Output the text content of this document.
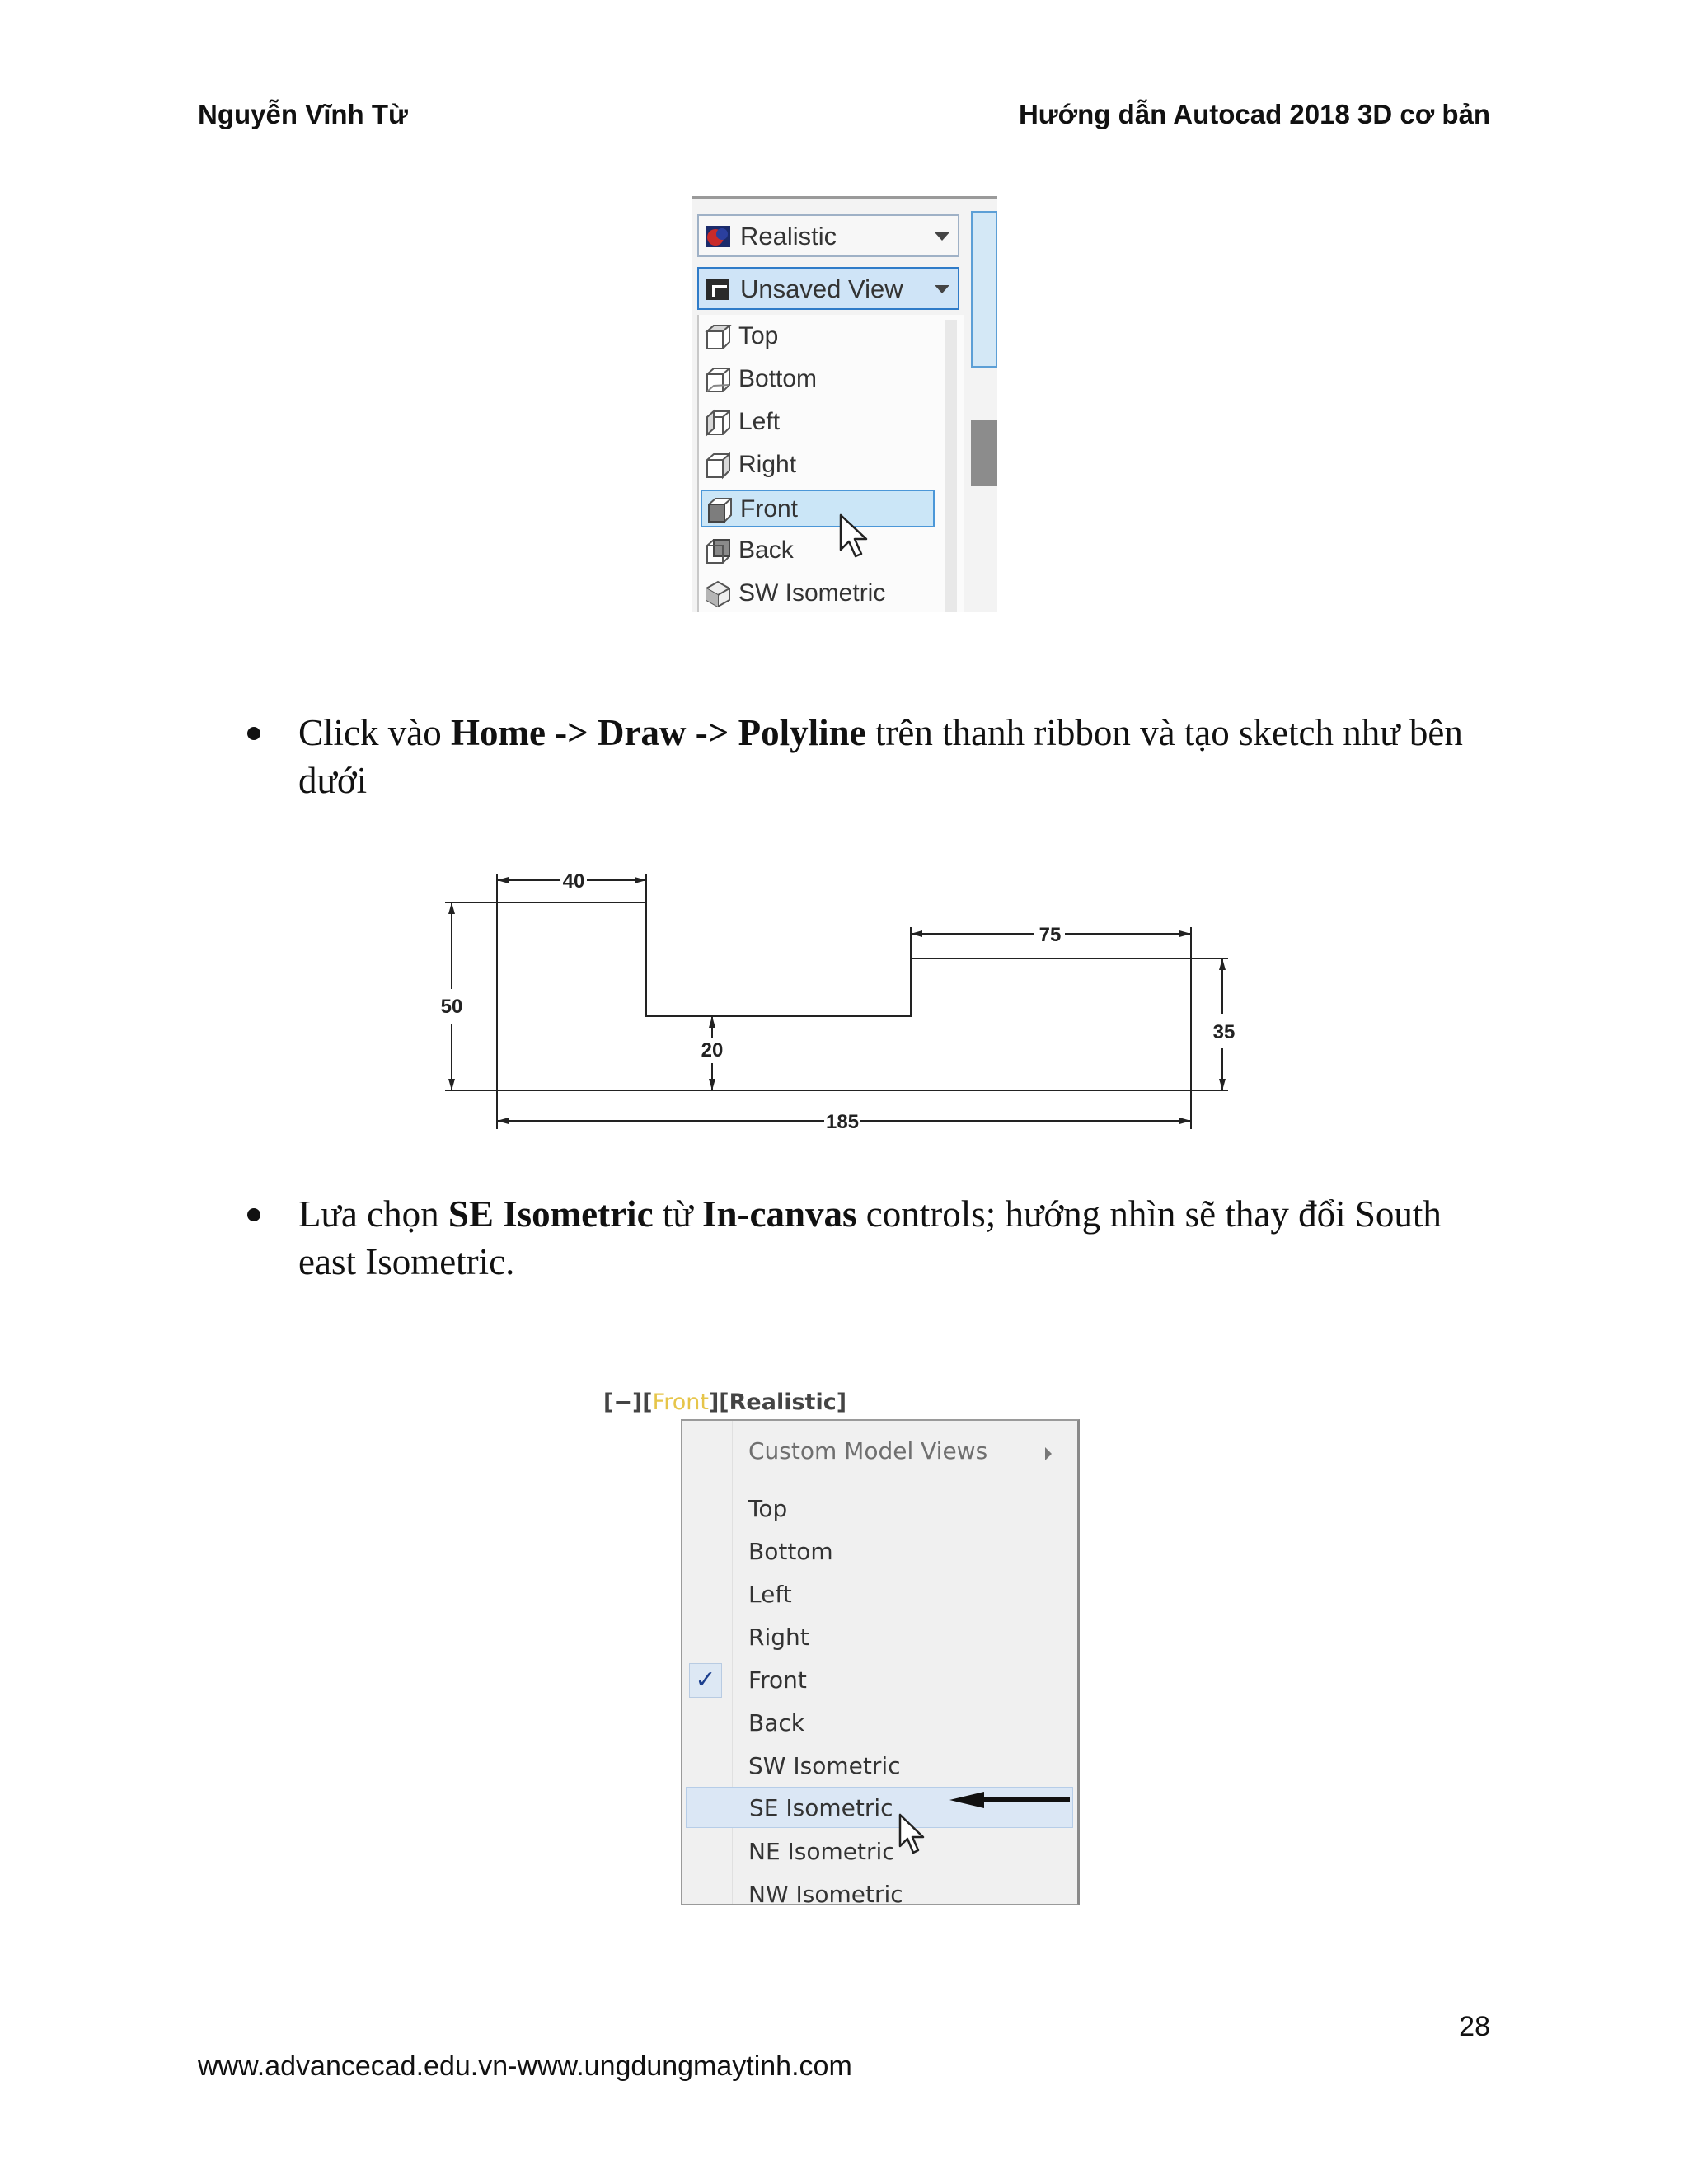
Nguyễn Vĩnh Từ	Hướng dẫn Autocad 2018 3D cơ bản
Realistic
Unsaved View
Top
Bottom
Left
Right
Front
Back
SW Isometric
Click vào Home -> Draw -> Polyline trên thanh ribbon và tạo sketch như bên dưới
40
75
50
20
35
185
Lưa chọn SE Isometric từ In-canvas controls; hướng nhìn sẽ thay đổi South east Isometric.
[−][Front][Realistic]
Custom Model Views
Top
Bottom
Left
Right
✓ Front
Back
SW Isometric
SE Isometric
NE Isometric
NW Isometric
28
www.advancecad.edu.vn-www.ungdungmaytinh.com
